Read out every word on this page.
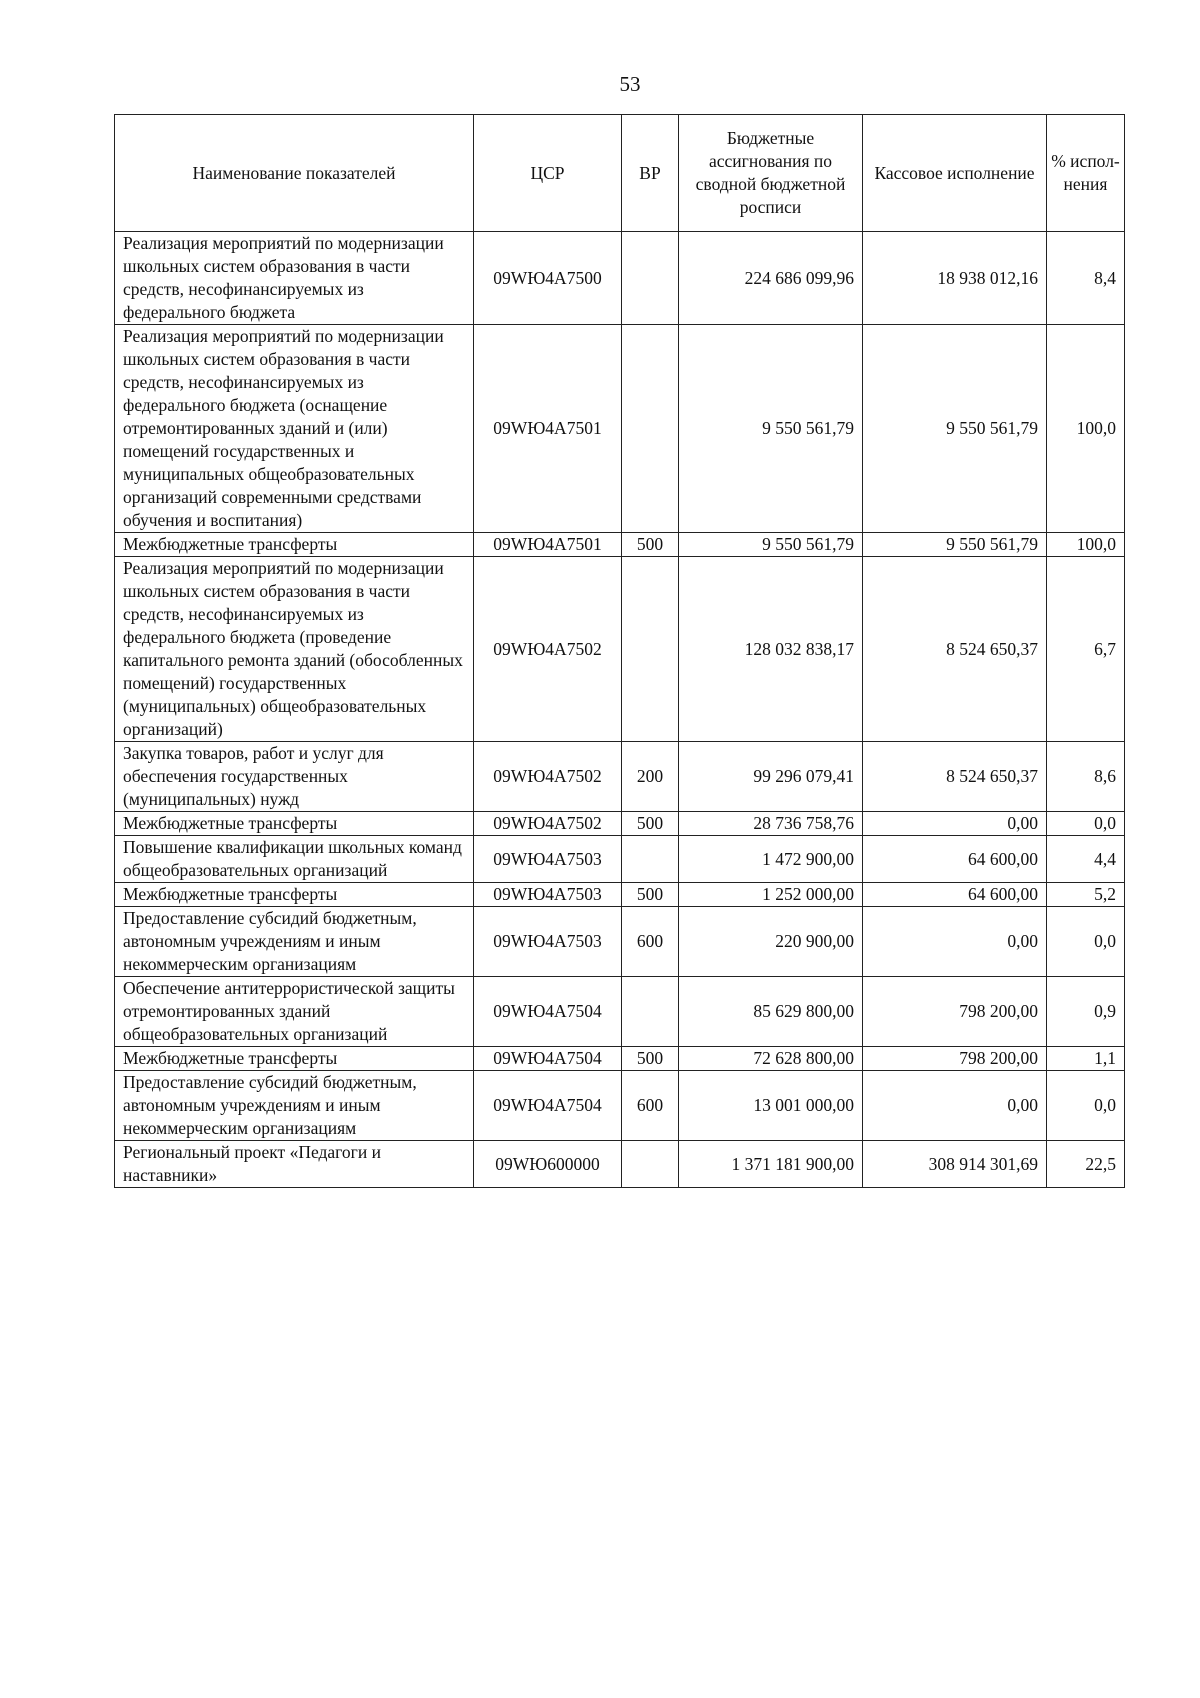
53
Наименование показателей	ЦСР	ВР	Бюджетные ассигнования по сводной бюджетной росписи	Кассовое исполнение	% испол-нения
Реализация мероприятий по модернизации школьных систем образования в части средств, несофинансируемых из федерального бюджета	09WЮ4А7500		224 686 099,96	18 938 012,16	8,4
Реализация мероприятий по модернизации школьных систем образования в части средств, несофинансируемых из федерального бюджета (оснащение отремонтированных зданий и (или) помещений государственных и муниципальных общеобразовательных организаций современными средствами обучения и воспитания)	09WЮ4А7501		9 550 561,79	9 550 561,79	100,0
Межбюджетные трансферты	09WЮ4А7501	500	9 550 561,79	9 550 561,79	100,0
Реализация мероприятий по модернизации школьных систем образования в части средств, несофинансируемых из федерального бюджета (проведение капитального ремонта зданий (обособленных помещений) государственных (муниципальных) общеобразовательных организаций)	09WЮ4А7502		128 032 838,17	8 524 650,37	6,7
Закупка товаров, работ и услуг для обеспечения государственных (муниципальных) нужд	09WЮ4А7502	200	99 296 079,41	8 524 650,37	8,6
Межбюджетные трансферты	09WЮ4А7502	500	28 736 758,76	0,00	0,0
Повышение квалификации школьных команд общеобразовательных организаций	09WЮ4А7503		1 472 900,00	64 600,00	4,4
Межбюджетные трансферты	09WЮ4А7503	500	1 252 000,00	64 600,00	5,2
Предоставление субсидий бюджетным, автономным учреждениям и иным некоммерческим организациям	09WЮ4А7503	600	220 900,00	0,00	0,0
Обеспечение антитеррористической защиты отремонтированных зданий общеобразовательных организаций	09WЮ4А7504		85 629 800,00	798 200,00	0,9
Межбюджетные трансферты	09WЮ4А7504	500	72 628 800,00	798 200,00	1,1
Предоставление субсидий бюджетным, автономным учреждениям и иным некоммерческим организациям	09WЮ4А7504	600	13 001 000,00	0,00	0,0
Региональный проект «Педагоги и наставники»	09WЮ600000		1 371 181 900,00	308 914 301,69	22,5
